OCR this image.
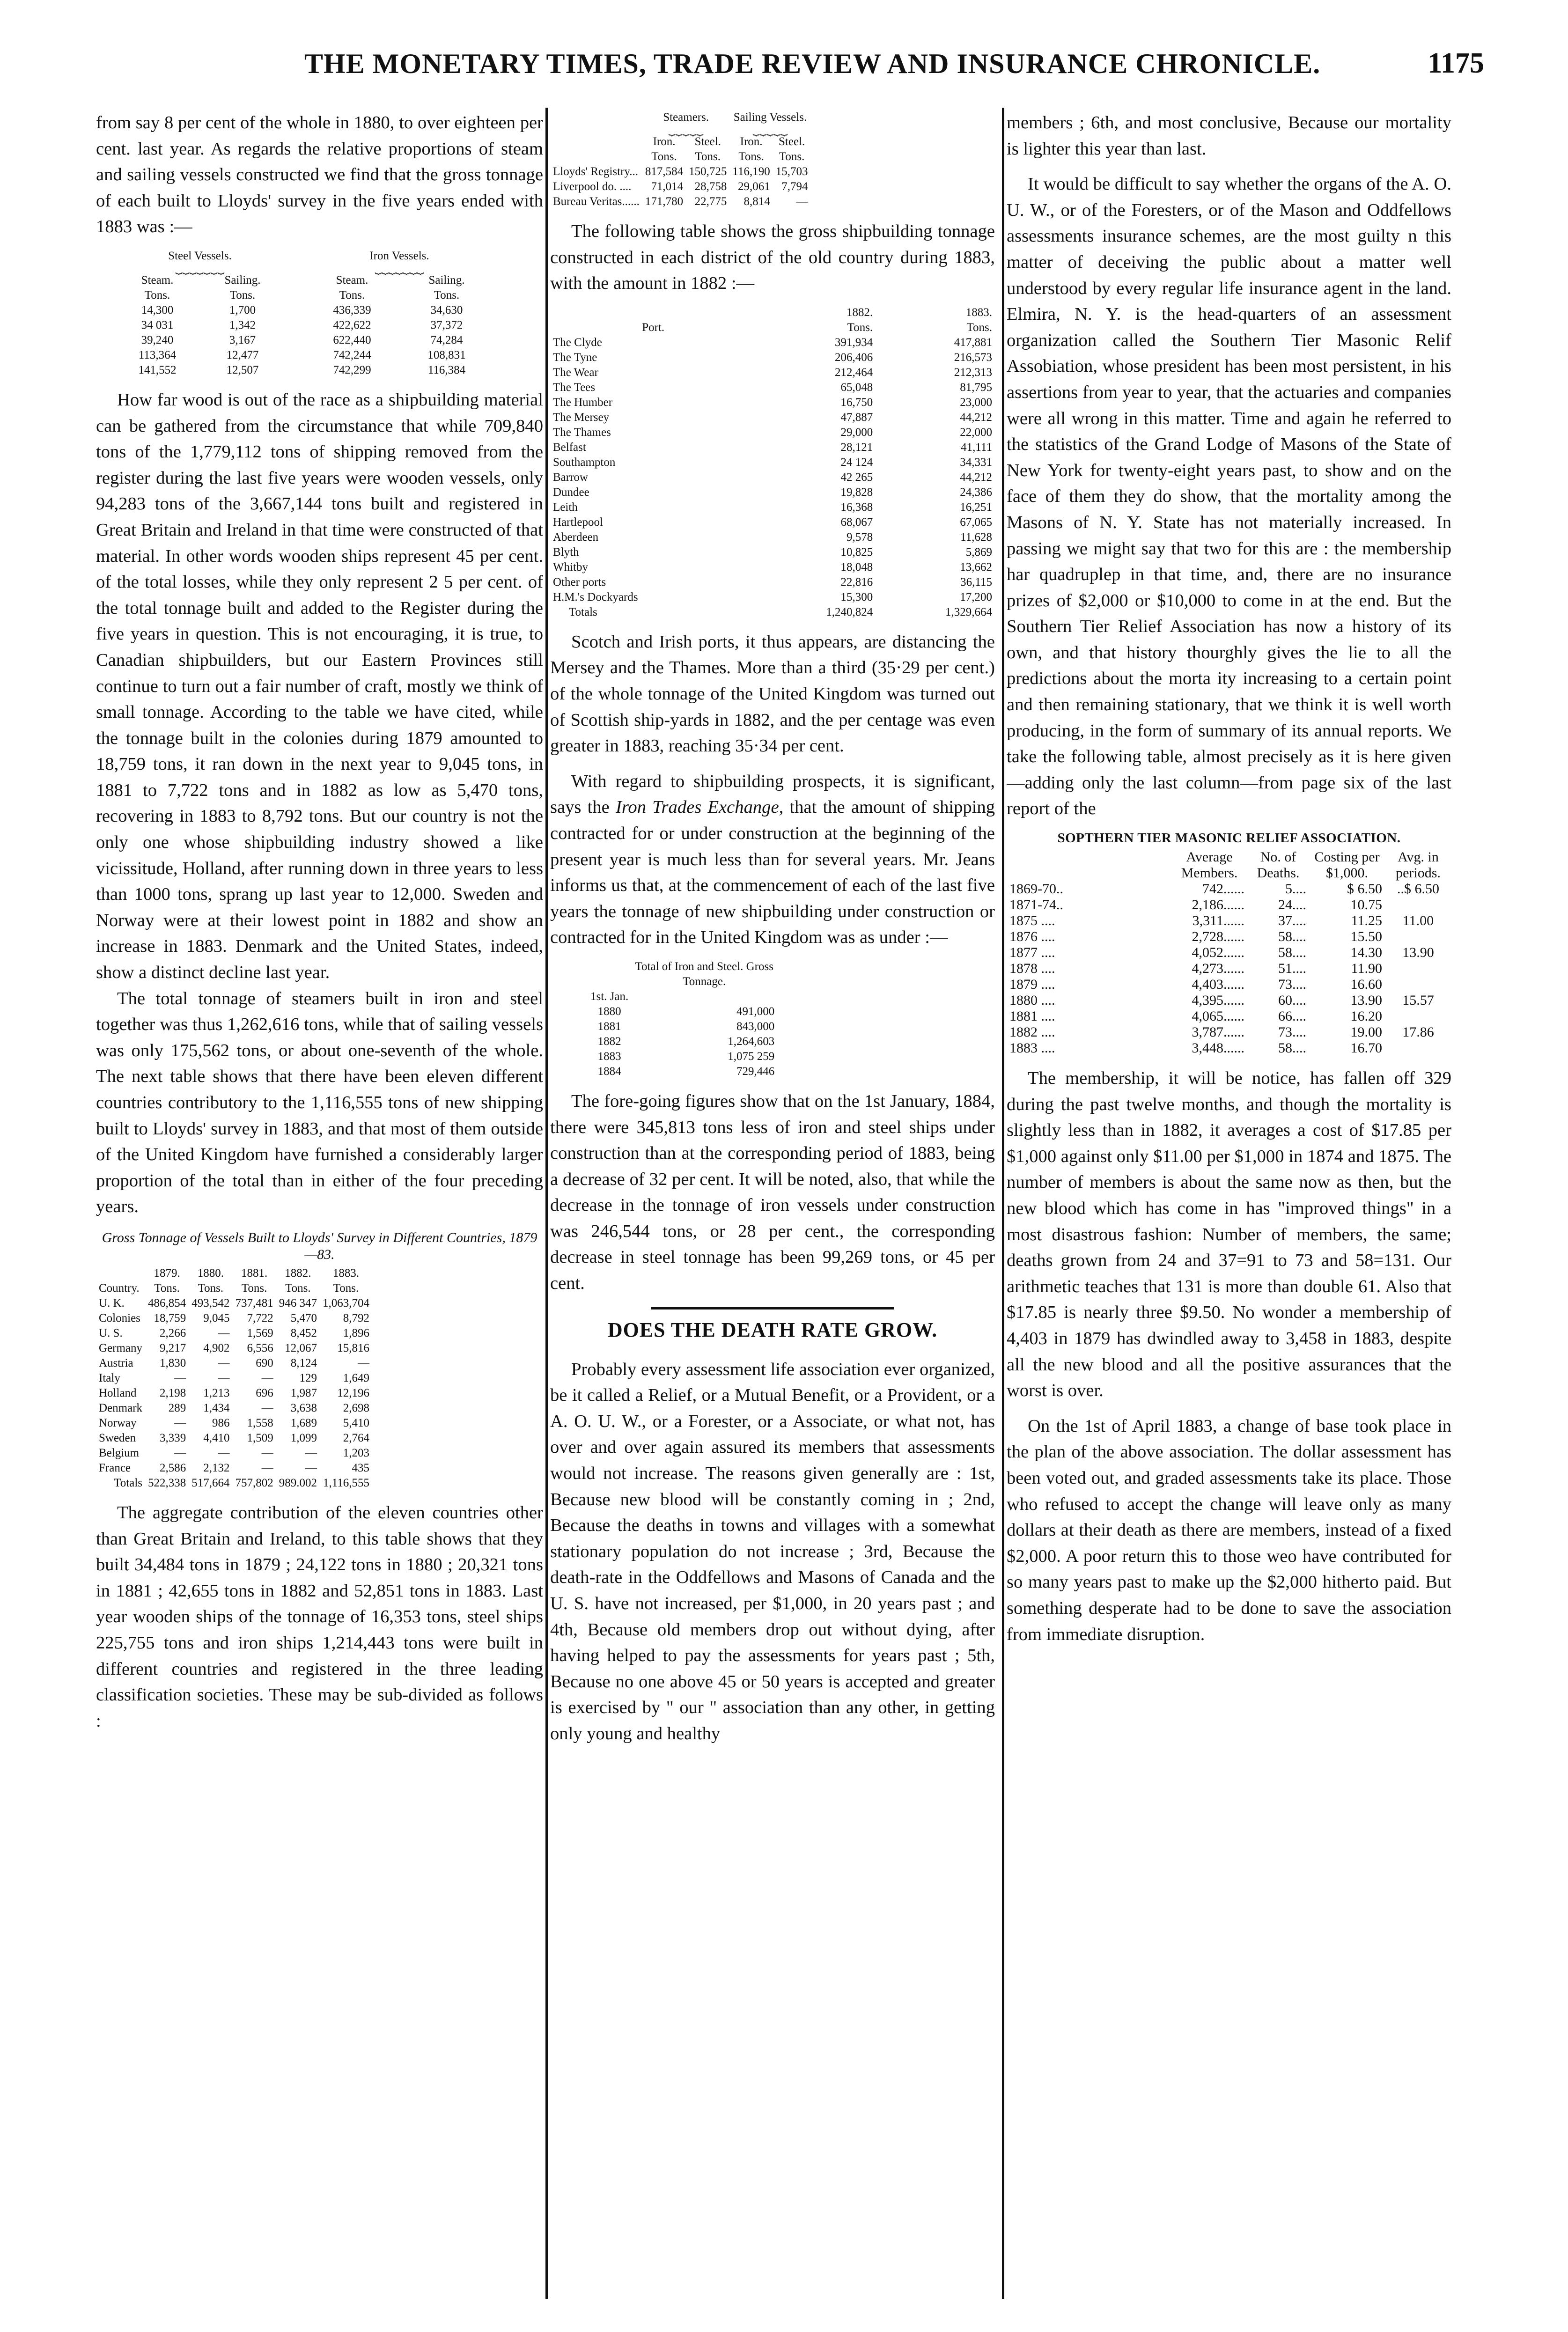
THE MONETARY TIMES, TRADE REVIEW AND INSURANCE CHRONICLE.	1175

from say 8 per cent of the whole in 1880, to over eighteen per cent. last year. As regards the relative proportions of steam and sailing vessels constructed we find that the gross tonnage of each built to Lloyds' survey in the five years ended with 1883 was :—

Steel Vessels.			Iron Vessels.	
⏟⏟⏟⏟⏟⏟⏟			⏟⏟⏟⏟⏟⏟⏟	
Steam.	Sailing.		Steam.	Sailing.
Tons.	Tons.		Tons.	Tons.
14,300	1,700		436,339	34,630
34 031	1,342		422,622	37,372
39,240	3,167		622,440	74,284
113,364	12,477		742,244	108,831
141,552	12,507		742,299	116,384

How far wood is out of the race as a shipbuilding material can be gathered from the circumstance that while 709,840 tons of the 1,779,112 tons of shipping removed from the register during the last five years were wooden vessels, only 94,283 tons of the 3,667,144 tons built and registered in Great Britain and Ireland in that time were constructed of that material. In other words wooden ships represent 45 per cent. of the total losses, while they only represent 2 5 per cent. of the total tonnage built and added to the Register during the five years in question. This is not encouraging, it is true, to Canadian shipbuilders, but our Eastern Provinces still continue to turn out a fair number of craft, mostly we think of small tonnage. According to the table we have cited, while the tonnage built in the colonies during 1879 amounted to 18,759 tons, it ran down in the next year to 9,045 tons, in 1881 to 7,722 tons and in 1882 as low as 5,470 tons, recovering in 1883 to 8,792 tons. But our country is not the only one whose shipbuilding industry showed a like vicissitude, Holland, after running down in three years to less than 1000 tons, sprang up last year to 12,000. Sweden and Norway were at their lowest point in 1882 and show an increase in 1883. Denmark and the United States, indeed, show a distinct decline last year.

The total tonnage of steamers built in iron and steel together was thus 1,262,616 tons, while that of sailing vessels was only 175,562 tons, or about one-seventh of the whole. The next table shows that there have been eleven different countries contributory to the 1,116,555 tons of new shipping built to Lloyds' survey in 1883, and that most of them outside of the United Kingdom have furnished a considerably larger proportion of the total than in either of the four preceding years.

Gross Tonnage of Vessels Built to Lloyds' Survey in Different Countries, 1879—83.
	1879.	1880.	1881.	1882.	1883.
Country.	Tons.	Tons.	Tons.	Tons.	Tons.
U. K.	486,854	493,542	737,481	946 347	1,063,704
Colonies	18,759	9,045	7,722	5,470	8,792
U. S.	2,266	—	1,569	8,452	1,896
Germany	9,217	4,902	6,556	12,067	15,816
Austria	1,830	—	690	8,124	—
Italy	—	—	—	129	1,649
Holland	2,198	1,213	696	1,987	12,196
Denmark	289	1,434	—	3,638	2,698
Norway	—	986	1,558	1,689	5,410
Sweden	3,339	4,410	1,509	1,099	2,764
Belgium	—	—	—	—	1,203
France	2,586	2,132	—	—	435
Totals	522,338	517,664	757,802	989.002	1,116,555

The aggregate contribution of the eleven countries other than Great Britain and Ireland, to this table shows that they built 34,484 tons in 1879 ; 24,122 tons in 1880 ; 20,321 tons in 1881 ; 42,655 tons in 1882 and 52,851 tons in 1883. Last year wooden ships of the tonnage of 16,353 tons, steel ships 225,755 tons and iron ships 1,214,443 tons were built in different countries and registered in the three leading classification societies. These may be sub-divided as follows :

	Steamers.		Sailing Vessels.	
	⏟⏟⏟⏟⏟		⏟⏟⏟⏟⏟	
	Iron.	Steel.	Iron.	Steel.
	Tons.	Tons.	Tons.	Tons.
Lloyds' Registry...	817,584	150,725	116,190	15,703
Liverpool do. ....	71,014	28,758	29,061	7,794
Bureau Veritas......	171,780	22,775	8,814	—

The following table shows the gross shipbuilding tonnage constructed in each district of the old country during 1883, with the amount in 1882 :—

	1882.	1883.
Port.	Tons.	Tons.
The Clyde	391,934	417,881
The Tyne	206,406	216,573
The Wear	212,464	212,313
The Tees	65,048	81,795
The Humber	16,750	23,000
The Mersey	47,887	44,212
The Thames	29,000	22,000
Belfast	28,121	41,111
Southampton	24 124	34,331
Barrow	42 265	44,212
Dundee	19,828	24,386
Leith	16,368	16,251
Hartlepool	68,067	67,065
Aberdeen	9,578	11,628
Blyth	10,825	5,869
Whitby	18,048	13,662
Other ports	22,816	36,115
H.M.'s Dockyards	15,300	17,200
Totals	1,240,824	1,329,664

Scotch and Irish ports, it thus appears, are distancing the Mersey and the Thames. More than a third (35·29 per cent.) of the whole tonnage of the United Kingdom was turned out of Scottish ship-yards in 1882, and the per centage was even greater in 1883, reaching 35·34 per cent.

With regard to shipbuilding prospects, it is significant, says the Iron Trades Exchange, that the amount of shipping contracted for or under construction at the beginning of the present year is much less than for several years. Mr. Jeans informs us that, at the commencement of each of the last five years the tonnage of new shipbuilding under construction or contracted for in the United Kingdom was as under :—

	Total of Iron and Steel. Gross Tonnage.
1st. Jan.	
1880	491,000
1881	843,000
1882	1,264,603
1883	1,075 259
1884	729,446

The fore-going figures show that on the 1st January, 1884, there were 345,813 tons less of iron and steel ships under construction than at the corresponding period of 1883, being a decrease of 32 per cent. It will be noted, also, that while the decrease in the tonnage of iron vessels under construction was 246,544 tons, or 28 per cent., the corresponding decrease in steel tonnage has been 99,269 tons, or 45 per cent.

DOES THE DEATH RATE GROW.

Probably every assessment life association ever organized, be it called a Relief, or a Mutual Benefit, or a Provident, or a A. O. U. W., or a Forester, or a Associate, or what not, has over and over again assured its members that assessments would not increase. The reasons given generally are : 1st, Because new blood will be constantly coming in ; 2nd, Because the deaths in towns and villages with a somewhat stationary population do not increase ; 3rd, Because the death-rate in the Oddfellows and Masons of Canada and the U. S. have not increased, per $1,000, in 20 years past ; and 4th, Because old members drop out without dying, after having helped to pay the assessments for years past ; 5th, Because no one above 45 or 50 years is accepted and greater is exercised by " our " association than any other, in getting only young and healthy

members ; 6th, and most conclusive, Because our mortality is lighter this year than last.

It would be difficult to say whether the organs of the A. O. U. W., or of the Foresters, or of the Mason and Oddfellows assessments insurance schemes, are the most guilty n this matter of deceiving the public about a matter well understood by every regular life insurance agent in the land. Elmira, N. Y. is the head-quarters of an assessment organization called the Southern Tier Masonic Relif Assobiation, whose president has been most persistent, in his assertions from year to year, that the actuaries and companies were all wrong in this matter. Time and again he referred to the statistics of the Grand Lodge of Masons of the State of New York for twenty-eight years past, to show and on the face of them they do show, that the mortality among the Masons of N. Y. State has not materially increased. In passing we might say that two for this are : the membership har quadruplep in that time, and, there are no insurance prizes of $2,000 or $10,000 to come in at the end. But the Southern Tier Relief Association has now a history of its own, and that history thourghly gives the lie to all the predictions about the morta ity increasing to a certain point and then remaining stationary, that we think it is well worth producing, in the form of summary of its annual reports. We take the following table, almost precisely as it is here given—adding only the last column—from page six of the last report of the

SOPTHERN TIER MASONIC RELIEF ASSOCIATION.
	Average Members.	No. of Deaths.	Costing per $1,000.	Avg. in periods.
1869-70..	742......	5....	$ 6.50	..$ 6.50
1871-74..	2,186......	24....	10.75	
1875 ....	3,311......	37....	11.25	11.00
1876 ....	2,728......	58....	15.50	
1877 ....	4,052......	58....	14.30	13.90
1878 ....	4,273......	51....	11.90	
1879 ....	4,403......	73....	16.60	
1880 ....	4,395......	60....	13.90	15.57
1881 ....	4,065......	66....	16.20	
1882 ....	3,787......	73....	19.00	17.86
1883 ....	3,448......	58....	16.70	

The membership, it will be notice, has fallen off 329 during the past twelve months, and though the mortality is slightly less than in 1882, it averages a cost of $17.85 per $1,000 against only $11.00 per $1,000 in 1874 and 1875. The number of members is about the same now as then, but the new blood which has come in has "improved things" in a most disastrous fashion: Number of members, the same; deaths grown from 24 and 37=91 to 73 and 58=131. Our arithmetic teaches that 131 is more than double 61. Also that $17.85 is nearly three $9.50. No wonder a membership of 4,403 in 1879 has dwindled away to 3,458 in 1883, despite all the new blood and all the positive assurances that the worst is over.

On the 1st of April 1883, a change of base took place in the plan of the above association. The dollar assessment has been voted out, and graded assessments take its place. Those who refused to accept the change will leave only as many dollars at their death as there are members, instead of a fixed $2,000. A poor return this to those weo have contributed for so many years past to make up the $2,000 hitherto paid. But something desperate had to be done to save the association from immediate disruption.
